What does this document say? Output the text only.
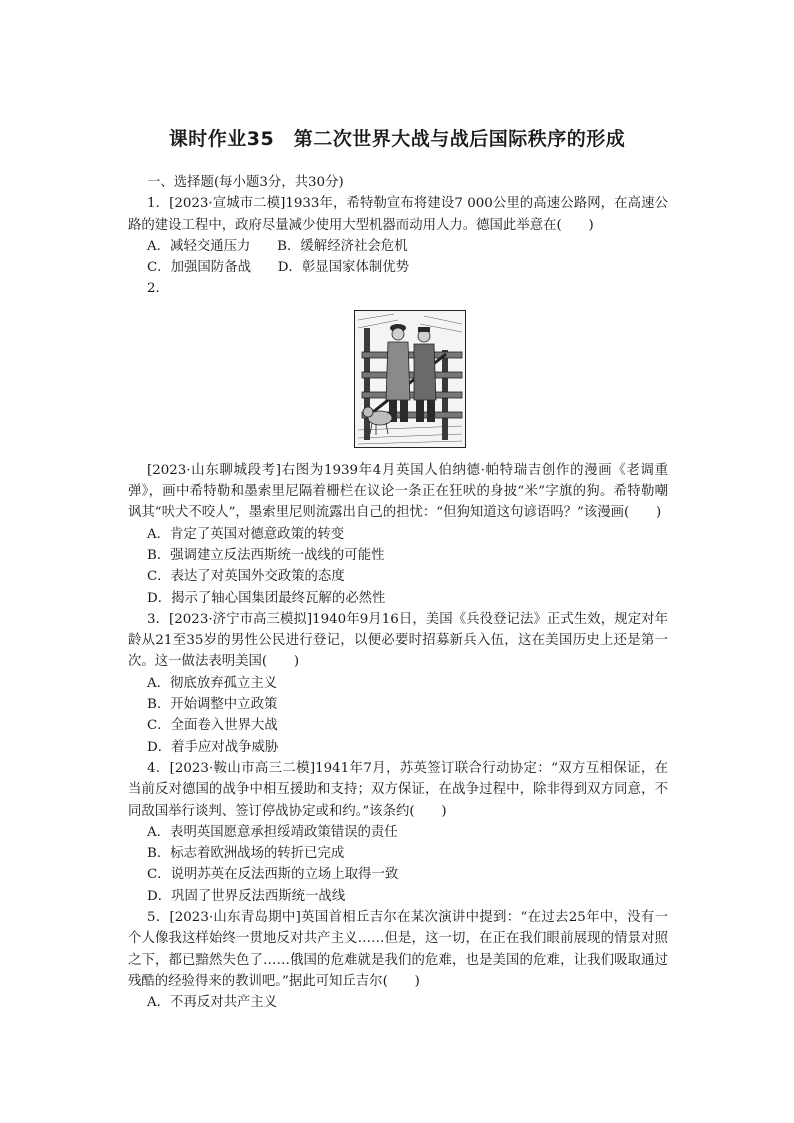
课时作业35　第二次世界大战与战后国际秩序的形成

一、选择题(每小题3分，共30分)

1．[2023·宣城市二模]1933年，希特勒宣布将建设7 000公里的高速公路网，在高速公路的建设工程中，政府尽量减少使用大型机器而动用人力。德国此举意在(　　)

A．减轻交通压力　　B．缓解经济社会危机

C．加强国防备战　　D．彰显国家体制优势

2．

[2023·山东聊城段考]右图为1939年4月英国人伯纳德·帕特瑞吉创作的漫画《老调重弹》，画中希特勒和墨索里尼隔着栅栏在议论一条正在狂吠的身披“米”字旗的狗。希特勒嘲讽其“吠犬不咬人”，墨索里尼则流露出自己的担忧：“但狗知道这句谚语吗？”该漫画(　　)

A．肯定了英国对德意政策的转变

B．强调建立反法西斯统一战线的可能性

C．表达了对英国外交政策的态度

D．揭示了轴心国集团最终瓦解的必然性

3．[2023·济宁市高三模拟]1940年9月16日，美国《兵役登记法》正式生效，规定对年龄从21至35岁的男性公民进行登记，以便必要时招募新兵入伍，这在美国历史上还是第一次。这一做法表明美国(　　)

A．彻底放弃孤立主义

B．开始调整中立政策

C．全面卷入世界大战

D．着手应对战争威胁

4．[2023·鞍山市高三二模]1941年7月，苏英签订联合行动协定：“双方互相保证，在当前反对德国的战争中相互援助和支持；双方保证，在战争过程中，除非得到双方同意，不同敌国举行谈判、签订停战协定或和约。”该条约(　　)

A．表明英国愿意承担绥靖政策错误的责任

B．标志着欧洲战场的转折已完成

C．说明苏英在反法西斯的立场上取得一致

D．巩固了世界反法西斯统一战线

5．[2023·山东青岛期中]英国首相丘吉尔在某次演讲中提到：“在过去25年中，没有一个人像我这样始终一贯地反对共产主义……但是，这一切，在正在我们眼前展现的情景对照之下，都已黯然失色了……俄国的危难就是我们的危难，也是美国的危难，让我们吸取通过残酷的经验得来的教训吧。”据此可知丘吉尔(　　)

A．不再反对共产主义
